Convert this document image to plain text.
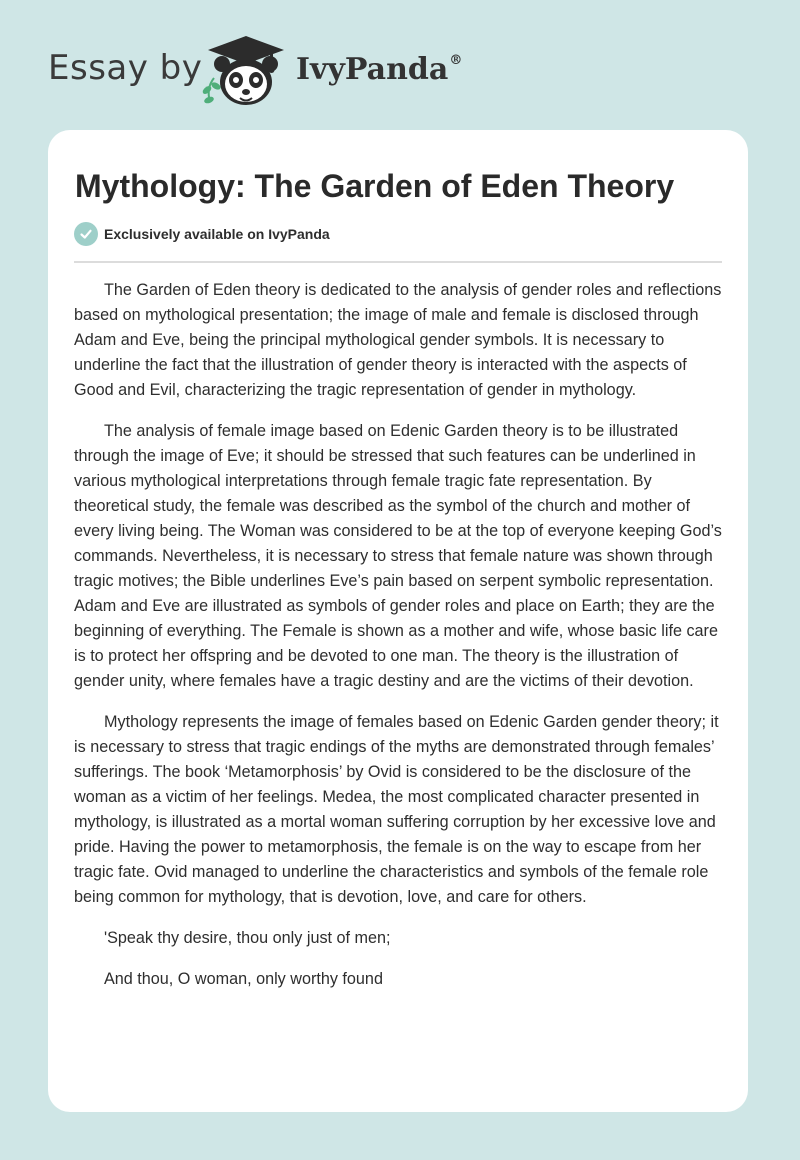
Essay by	IvyPanda®
Mythology: The Garden of Eden Theory
Exclusively available on IvyPanda

The Garden of Eden theory is dedicated to the analysis of gender roles and reflections based on mythological presentation; the image of male and female is disclosed through Adam and Eve, being the principal mythological gender symbols. It is necessary to underline the fact that the illustration of gender theory is interacted with the aspects of Good and Evil, characterizing the tragic representation of gender in mythology.

The analysis of female image based on Edenic Garden theory is to be illustrated through the image of Eve; it should be stressed that such features can be underlined in various mythological interpretations through female tragic fate representation. By theoretical study, the female was described as the symbol of the church and mother of every living being. The Woman was considered to be at the top of everyone keeping God’s commands. Nevertheless, it is necessary to stress that female nature was shown through tragic motives; the Bible underlines Eve’s pain based on serpent symbolic representation. Adam and Eve are illustrated as symbols of gender roles and place on Earth; they are the beginning of everything. The Female is shown as a mother and wife, whose basic life care is to protect her offspring and be devoted to one man. The theory is the illustration of gender unity, where females have a tragic destiny and are the victims of their devotion.

Mythology represents the image of females based on Edenic Garden gender theory; it is necessary to stress that tragic endings of the myths are demonstrated through females’ sufferings. The book ‘Metamorphosis’ by Ovid is considered to be the disclosure of the woman as a victim of her feelings. Medea, the most complicated character presented in mythology, is illustrated as a mortal woman suffering corruption by her excessive love and pride. Having the power to metamorphosis, the female is on the way to escape from her tragic fate. Ovid managed to underline the characteristics and symbols of the female role being common for mythology, that is devotion, love, and care for others.

'Speak thy desire, thou only just of men;

And thou, O woman, only worthy found
